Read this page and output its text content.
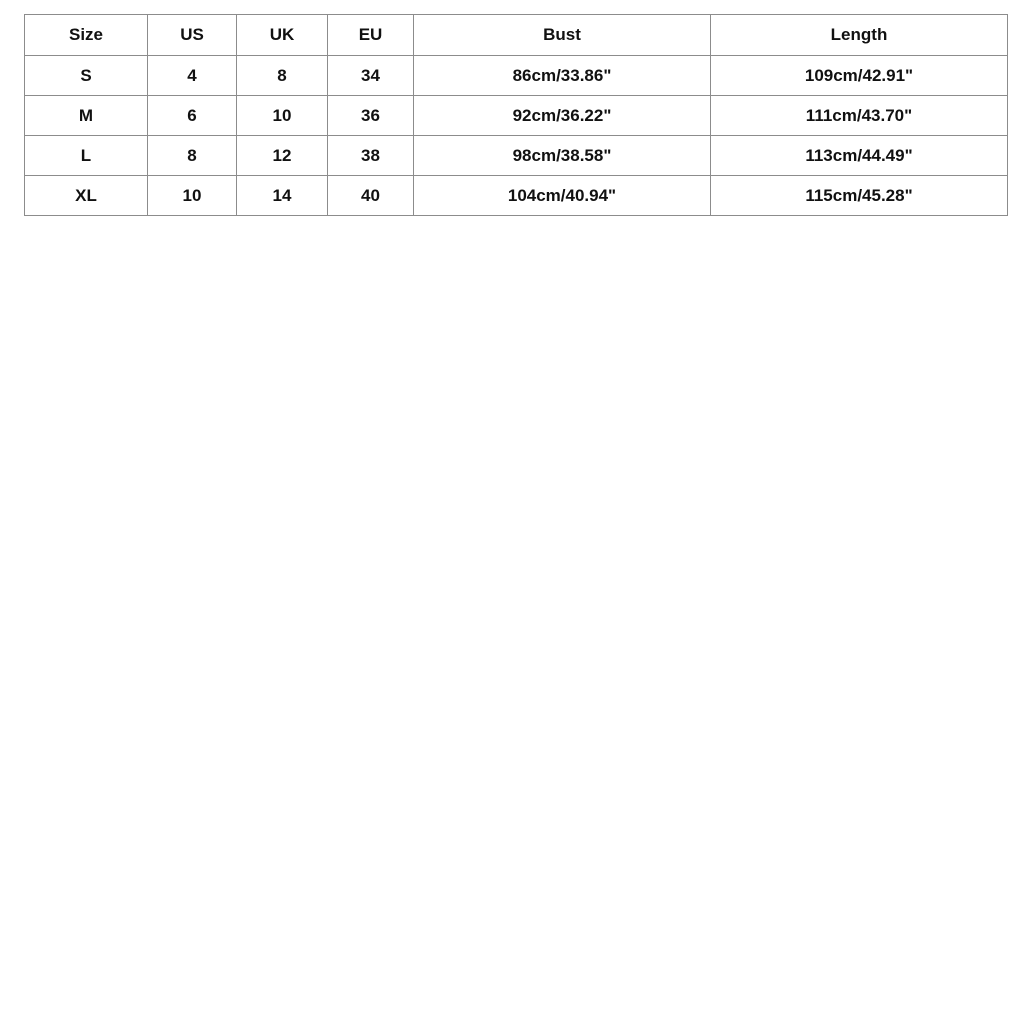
Size	US	UK	EU	Bust	Length
S	4	8	34	86cm/33.86"	109cm/42.91"
M	6	10	36	92cm/36.22"	111cm/43.70"
L	8	12	38	98cm/38.58"	113cm/44.49"
XL	10	14	40	104cm/40.94"	115cm/45.28"
